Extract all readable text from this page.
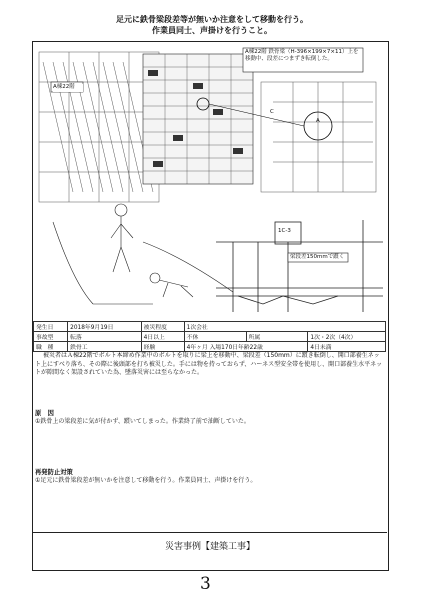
足元に鉄骨梁段差等が無いか注意をして移動を行う。
作業員同士、声掛けを行うこと。
A棟22階
A棟22階 鉄骨梁（H-396×199×7×11）上を移動中、段差につまずき転倒した。
C
A
1C-3
梁段差150mmで躓く
発生日	2018年9月19日	被災程度	1次会社		
事故型	転落	4日以上	不休	所属	1次・2次（4次）
職　種	鉄骨工	経験	4年ヶ月 入場170日年齢22歳		4日未満
被災者はＡ棟22階でボルト本締め作業中のボルトを取りに梁上を移動中、梁段差（150mm）に躓き転倒し、開口部養生ネット上にすべり落ち、その際に後頭部を打ち被災した。手には物を持っておらず、ハーネス型安全帯を使用し、開口部養生水平ネットが隙間なく架設されていた為、墜落災害には至らなかった。
原　因
①鉄骨上の梁段差に気が付かず、躓いてしまった。作業終了前で油断していた。
再発防止対策
①足元に鉄骨梁段差が無いかを注意して移動を行う。作業員同士、声掛けを行う。
災害事例【建築工事】
3
